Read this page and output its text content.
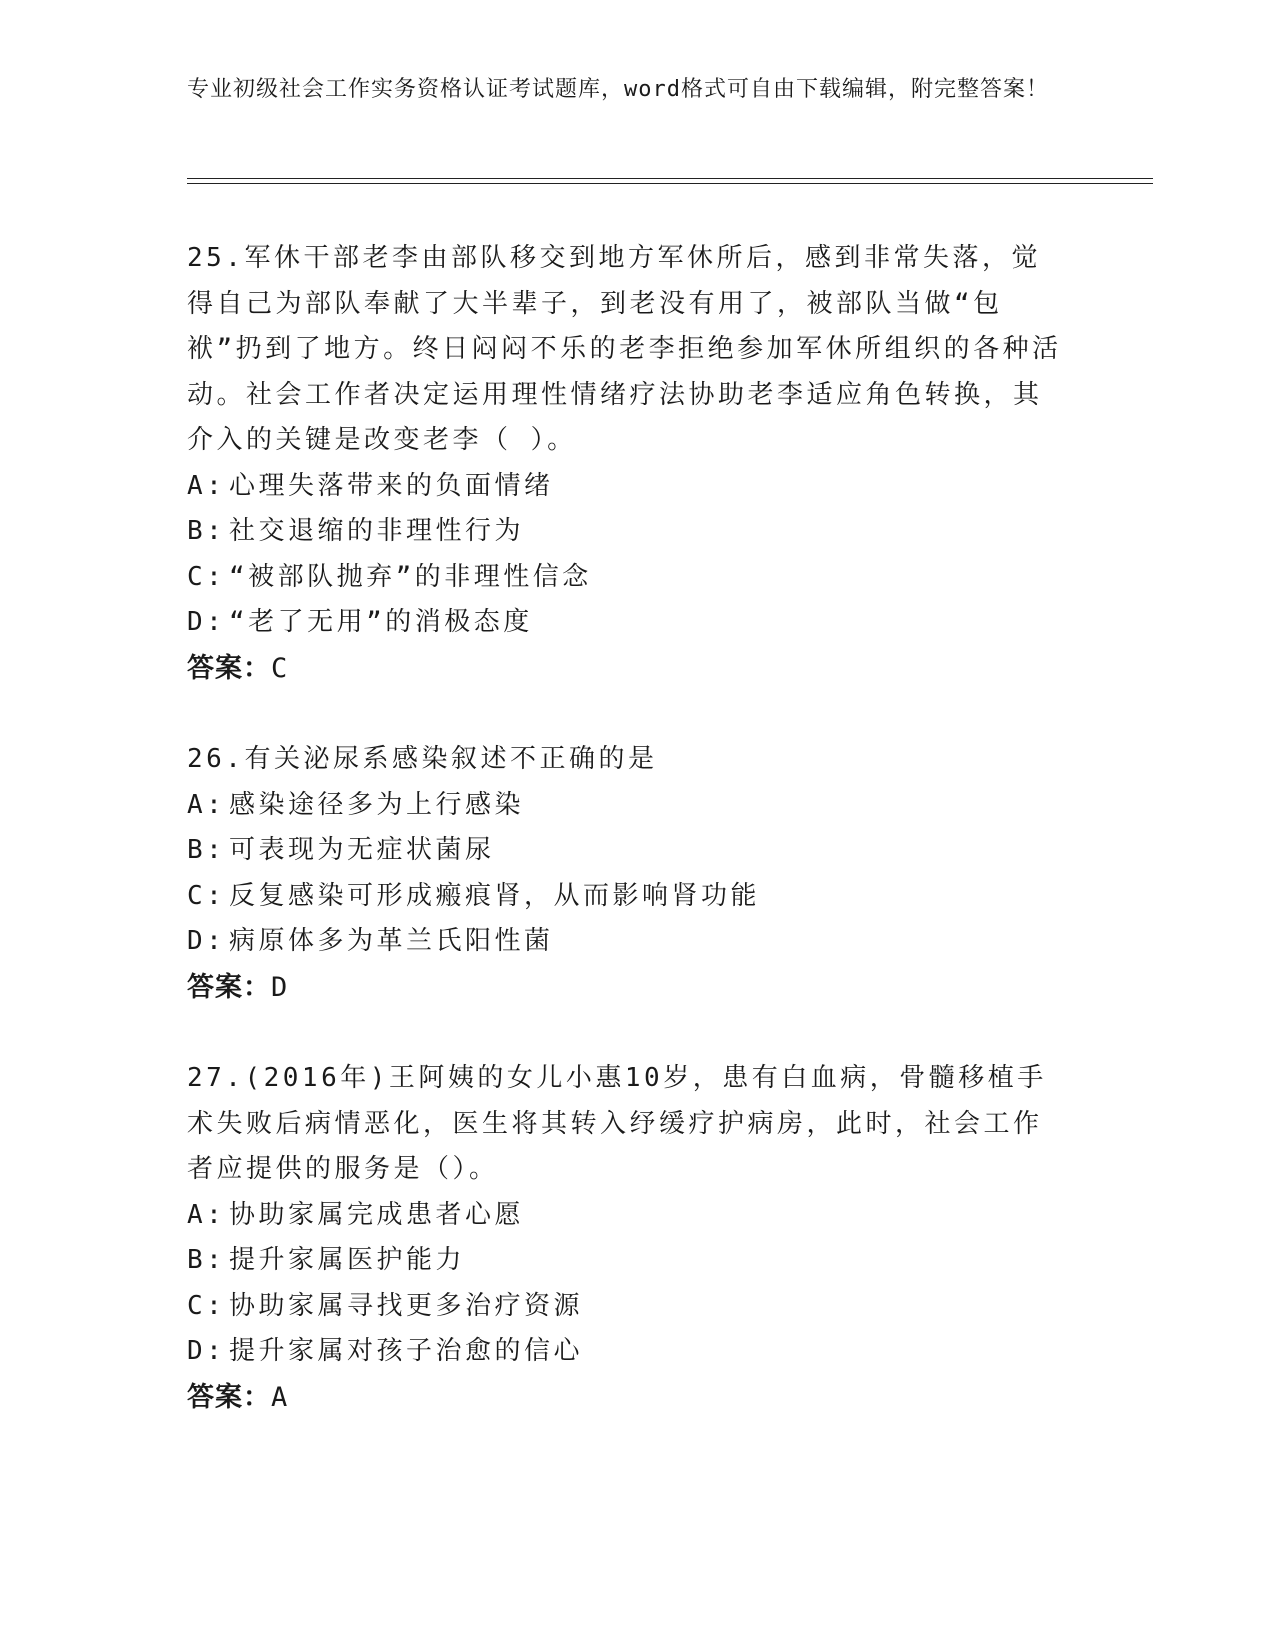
专业初级社会工作实务资格认证考试题库，word格式可自由下载编辑，附完整答案！

25.军休干部老李由部队移交到地方军休所后，感到非常失落，觉得自己为部队奉献了大半辈子，到老没有用了，被部队当做“包袱”扔到了地方。终日闷闷不乐的老李拒绝参加军休所组织的各种活动。社会工作者决定运用理性情绪疗法协助老李适应角色转换，其介入的关键是改变老李（ ）。

A: 心理失落带来的负面情绪
B: 社交退缩的非理性行为
C: “被部队抛弃”的非理性信念
D: “老了无用”的消极态度
答案：C

26.有关泌尿系感染叙述不正确的是

A: 感染途径多为上行感染
B: 可表现为无症状菌尿
C: 反复感染可形成瘢痕肾，从而影响肾功能
D: 病原体多为革兰氏阳性菌
答案：D

27.(2016年)王阿姨的女儿小惠10岁，患有白血病，骨髓移植手术失败后病情恶化，医生将其转入纾缓疗护病房，此时，社会工作者应提供的服务是（）。

A: 协助家属完成患者心愿
B: 提升家属医护能力
C: 协助家属寻找更多治疗资源
D: 提升家属对孩子治愈的信心
答案：A
